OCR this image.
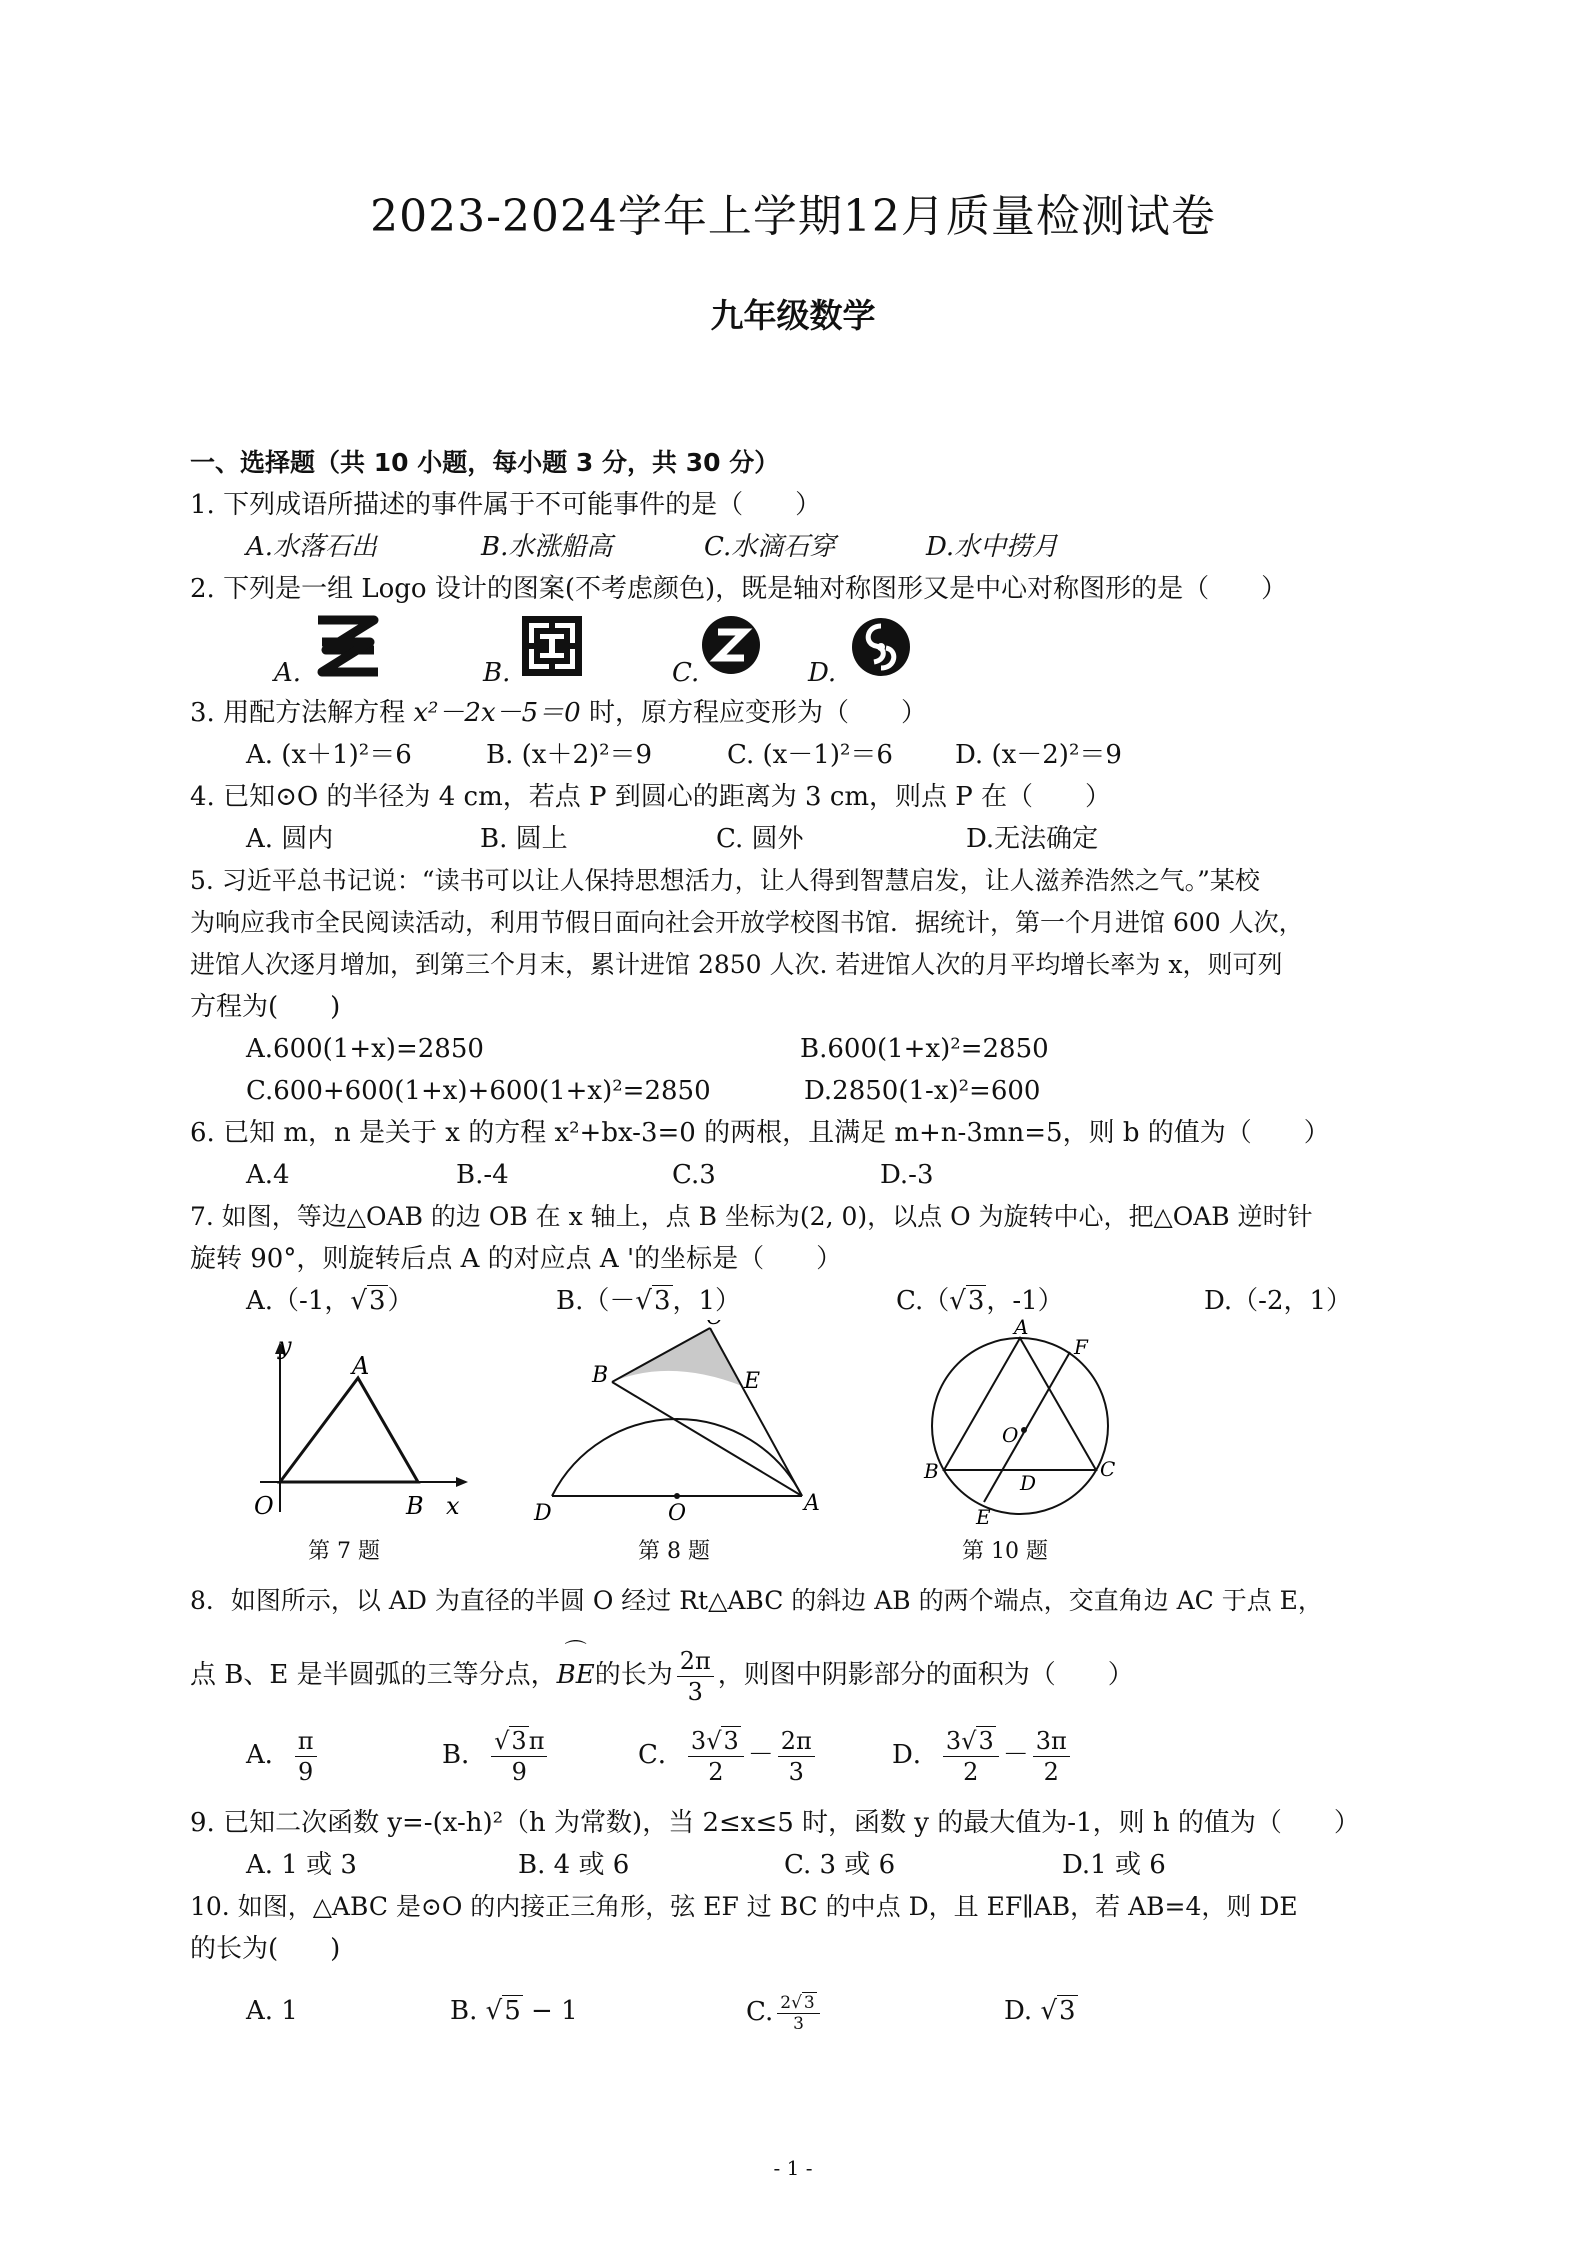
2023-2024学年上学期12月质量检测试卷
九年级数学
一、选择题（共 10 小题，每小题 3 分，共 30 分）
1. 下列成语所描述的事件属于不可能事件的是（　　）
A.水落石出	B.水涨船高	C.水滴石穿	D.水中捞月
2. 下列是一组 Logo 设计的图案(不考虑颜色)，既是轴对称图形又是中心对称图形的是（　　）
A.	B.	C.	D.
3. 用配方法解方程 x²－2x－5＝0 时，原方程应变形为（　　）
A. (x＋1)²＝6	B. (x＋2)²＝9	C. (x－1)²＝6 D. (x－2)²＝9
4. 已知⊙O 的半径为 4 cm，若点 P 到圆心的距离为 3 cm，则点 P 在（　　）
A. 圆内	B. 圆上	C. 圆外	D.无法确定
5. 习近平总书记说：“读书可以让人保持思想活力，让人得到智慧启发，让人滋养浩然之气。”某校
为响应我市全民阅读活动，利用节假日面向社会开放学校图书馆．据统计，第一个月进馆 600 人次，
进馆人次逐月增加，到第三个月末，累计进馆 2850 人次. 若进馆人次的月平均增长率为 x，则可列
方程为(　　)
A.600(1+x)=2850	B.600(1+x)²=2850
C.600+600(1+x)+600(1+x)²=2850	D.2850(1-x)²=600
6. 已知 m，n 是关于 x 的方程 x²+bx-3=0 的两根，且满足 m+n-3mn=5，则 b 的值为（　　）
A.4	B.-4	C.3	D.-3
7. 如图，等边△OAB 的边 OB 在 x 轴上，点 B 坐标为(2, 0)，以点 O 为旋转中心，把△OAB 逆时针
旋转 90°，则旋转后点 A 的对应点 A '的坐标是（　　）
A.（-1，√3）	B.（－√3，1）	C.（√3，-1）	D.（-2，1）
y
x
O
A
B
第 7 题
B	E
D	O	A
第 8 题
A
F
O
B	D
C
E
第 10 题
8．如图所示，以 AD 为直径的半圆 O 经过 Rt△ABC 的斜边 AB 的两个端点，交直角边 AC 于点 E，
点 B、E 是半圆弧的三等分点，⌒ BE的长为 $\frac{2\pi}{3}$ ，则图中阴影部分的面积为（　　）
A． $\frac{\pi}{9}$	B． $\frac{√3\pi}{9}$	C． $\frac{3√3}{2} - \frac{2\pi}{3}$	D． $\frac{3√3}{2} - \frac{3\pi}{2}$
9. 已知二次函数 y=-(x-h)²（h 为常数)，当 2≤x≤5 时，函数 y 的最大值为-1，则 h 的值为（　　）
A. 1 或 3	B. 4 或 6	C. 3 或 6	D.1 或 6
10. 如图，△ABC 是⊙O 的内接正三角形，弦 EF 过 BC 的中点 D，且 EF∥AB，若 AB=4，则 DE
的长为(　　)
A. 1	B. √5 − 1	C. $\frac{2√ 3}{3}$	D. √3
- 1 -
